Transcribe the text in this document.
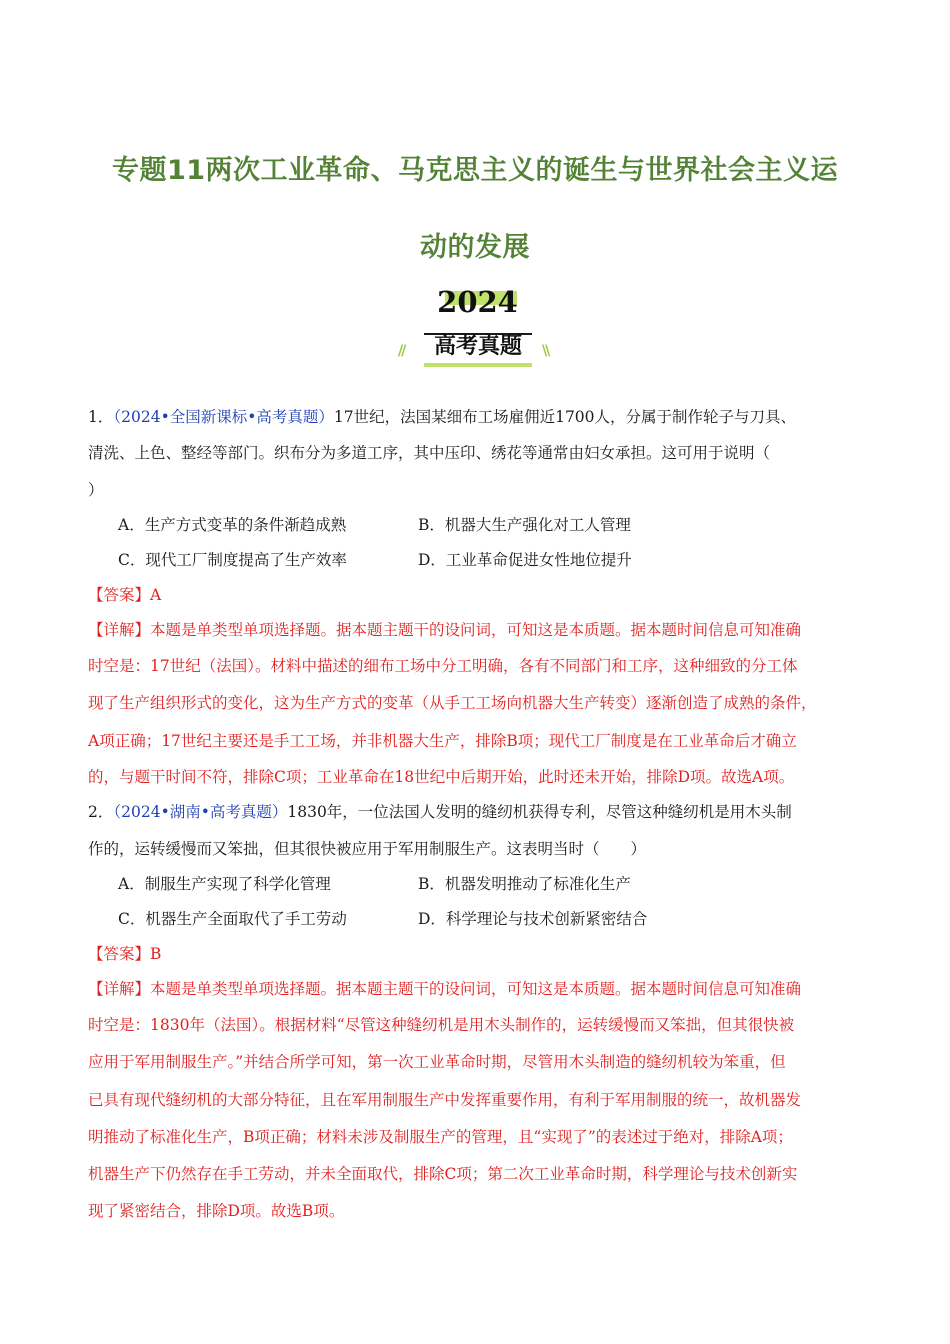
专题11两次工业革命、马克思主义的诞生与世界社会主义运
动的发展
2024
高考真题
//	\\
1．（2024•全国新课标•高考真题）17世纪，法国某细布工场雇佣近1700人，分属于制作轮子与刀具、
清洗、上色、整经等部门。织布分为多道工序，其中压印、绣花等通常由妇女承担。这可用于说明（
）
A．生产方式变革的条件渐趋成熟	B．机器大生产强化对工人管理
C．现代工厂制度提高了生产效率	D．工业革命促进女性地位提升
【答案】A
【详解】本题是单类型单项选择题。据本题主题干的设问词，可知这是本质题。据本题时间信息可知准确
时空是：17世纪（法国）。材料中描述的细布工场中分工明确，各有不同部门和工序，这种细致的分工体
现了生产组织形式的变化，这为生产方式的变革（从手工工场向机器大生产转变）逐渐创造了成熟的条件，
A项正确；17世纪主要还是手工工场，并非机器大生产，排除B项；现代工厂制度是在工业革命后才确立
的，与题干时间不符，排除C项；工业革命在18世纪中后期开始，此时还未开始，排除D项。故选A项。
2．（2024•湖南•高考真题）1830年，一位法国人发明的缝纫机获得专利，尽管这种缝纫机是用木头制
作的，运转缓慢而又笨拙，但其很快被应用于军用制服生产。这表明当时（　　）
A．制服生产实现了科学化管理	B．机器发明推动了标准化生产
C．机器生产全面取代了手工劳动	D．科学理论与技术创新紧密结合
【答案】B
【详解】本题是单类型单项选择题。据本题主题干的设问词，可知这是本质题。据本题时间信息可知准确
时空是：1830年（法国）。根据材料“尽管这种缝纫机是用木头制作的，运转缓慢而又笨拙，但其很快被
应用于军用制服生产。”并结合所学可知，第一次工业革命时期，尽管用木头制造的缝纫机较为笨重，但
已具有现代缝纫机的大部分特征，且在军用制服生产中发挥重要作用，有利于军用制服的统一，故机器发
明推动了标准化生产，B项正确；材料未涉及制服生产的管理，且“实现了”的表述过于绝对，排除A项；
机器生产下仍然存在手工劳动，并未全面取代，排除C项；第二次工业革命时期，科学理论与技术创新实
现了紧密结合，排除D项。故选B项。
